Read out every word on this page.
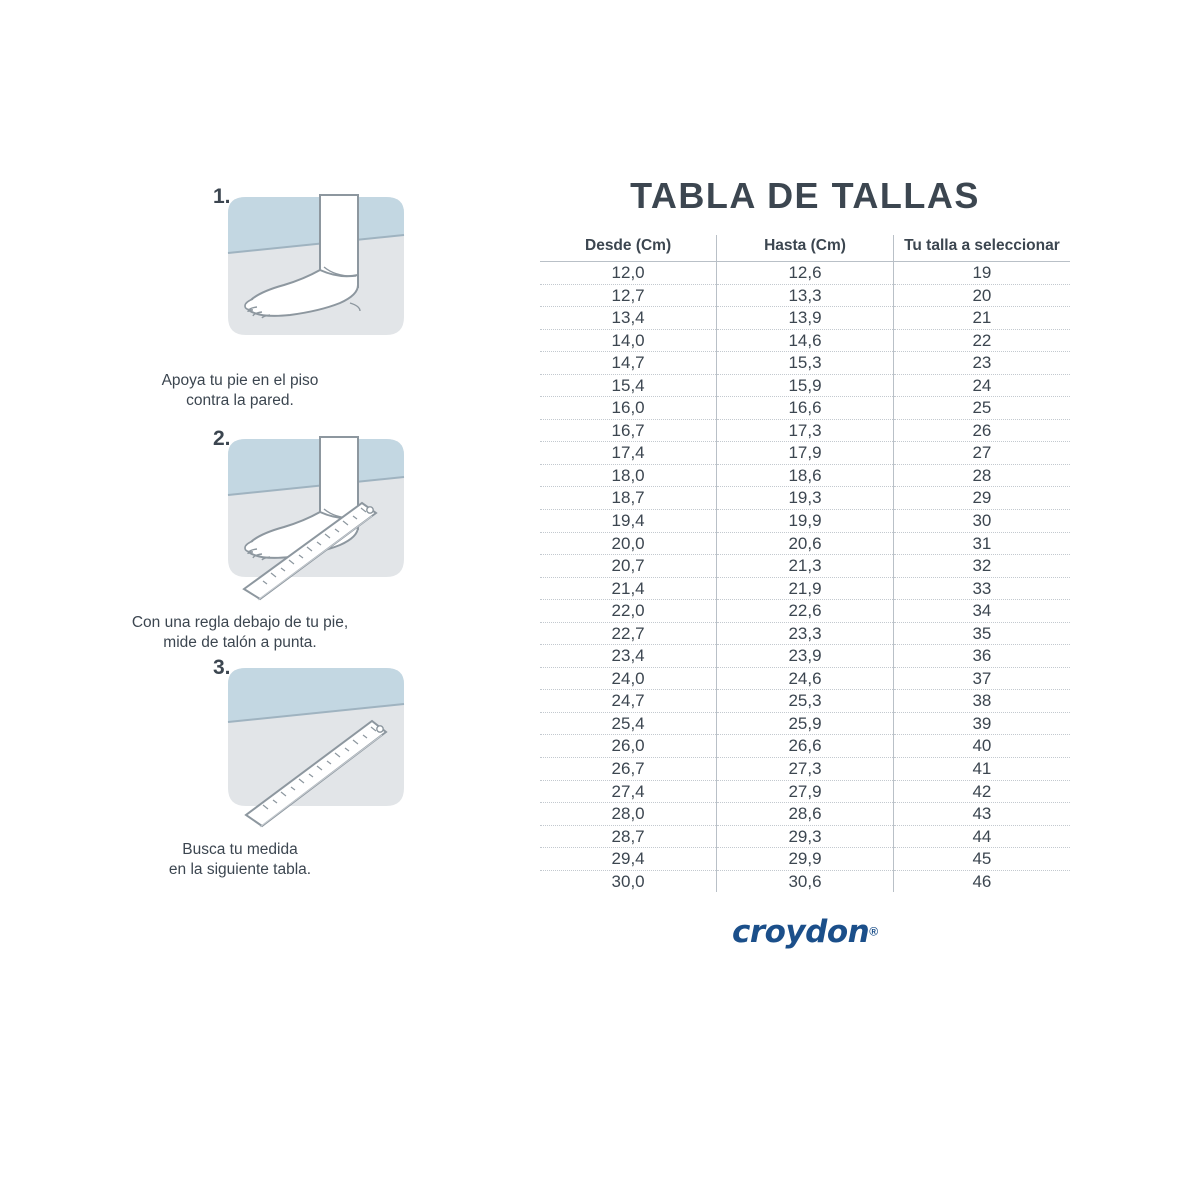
1.
Apoya tu pie en el piso
contra la pared.
2.
Con una regla debajo de tu pie,
mide de talón a punta.
3.
Busca tu medida
en la siguiente tabla.
TABLA DE TALLAS
Desde (Cm)	Hasta (Cm)	Tu talla a seleccionar
12,0	12,6	19
12,7	13,3	20
13,4	13,9	21
14,0	14,6	22
14,7	15,3	23
15,4	15,9	24
16,0	16,6	25
16,7	17,3	26
17,4	17,9	27
18,0	18,6	28
18,7	19,3	29
19,4	19,9	30
20,0	20,6	31
20,7	21,3	32
21,4	21,9	33
22,0	22,6	34
22,7	23,3	35
23,4	23,9	36
24,0	24,6	37
24,7	25,3	38
25,4	25,9	39
26,0	26,6	40
26,7	27,3	41
27,4	27,9	42
28,0	28,6	43
28,7	29,3	44
29,4	29,9	45
30,0	30,6	46
croydon®
